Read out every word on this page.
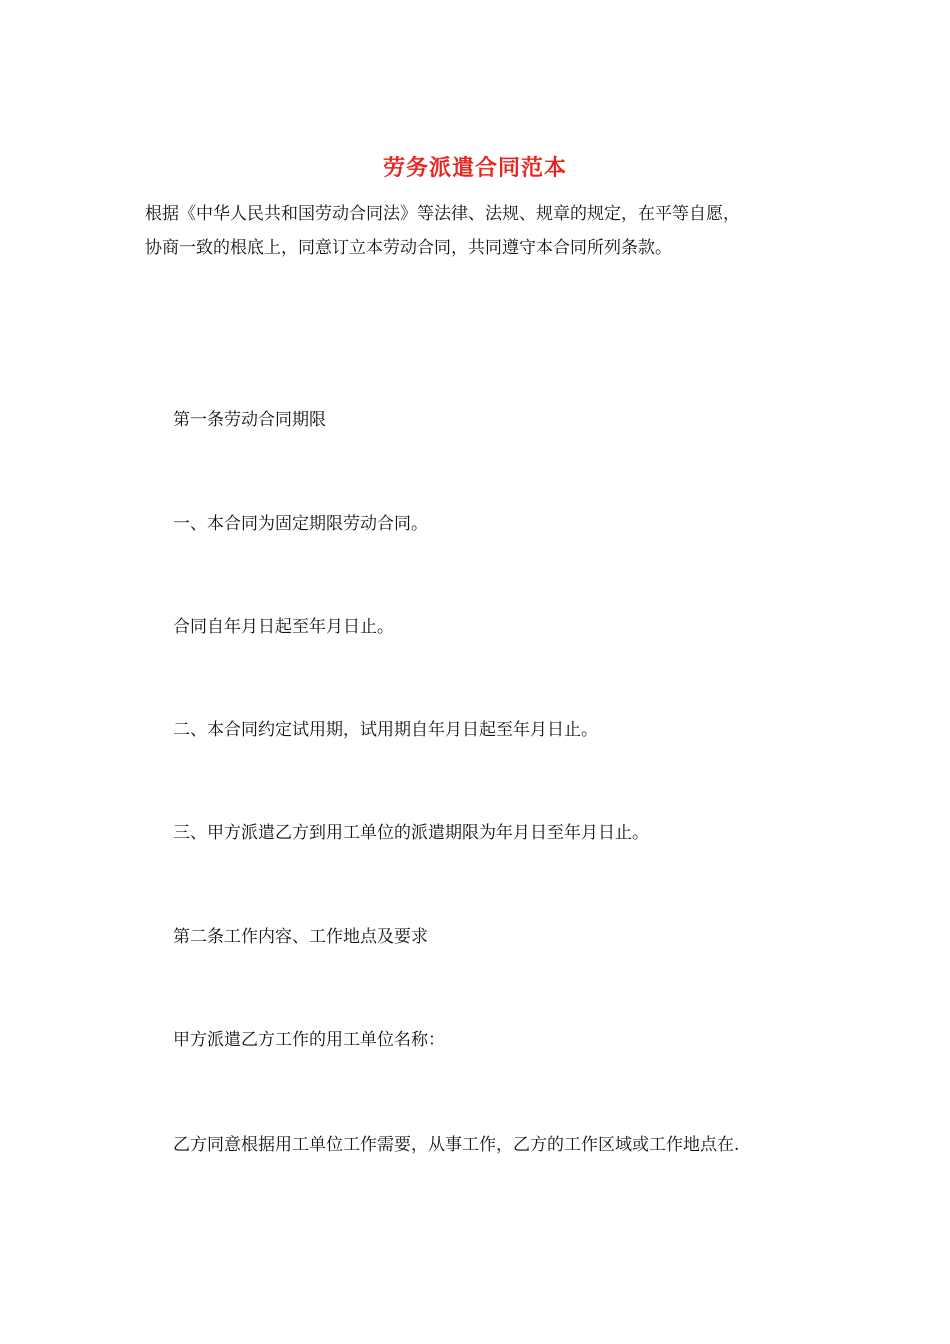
劳务派遣合同范本

根据《中华人民共和国劳动合同法》等法律、法规、规章的规定，在平等自愿，
协商一致的根底上，同意订立本劳动合同，共同遵守本合同所列条款。

第一条劳动合同期限

一、本合同为固定期限劳动合同。

合同自年月日起至年月日止。

二、本合同约定试用期，试用期自年月日起至年月日止。

三、甲方派遣乙方到用工单位的派遣期限为年月日至年月日止。

第二条工作内容、工作地点及要求

甲方派遣乙方工作的用工单位名称：

乙方同意根据用工单位工作需要，从事工作，乙方的工作区域或工作地点在.
